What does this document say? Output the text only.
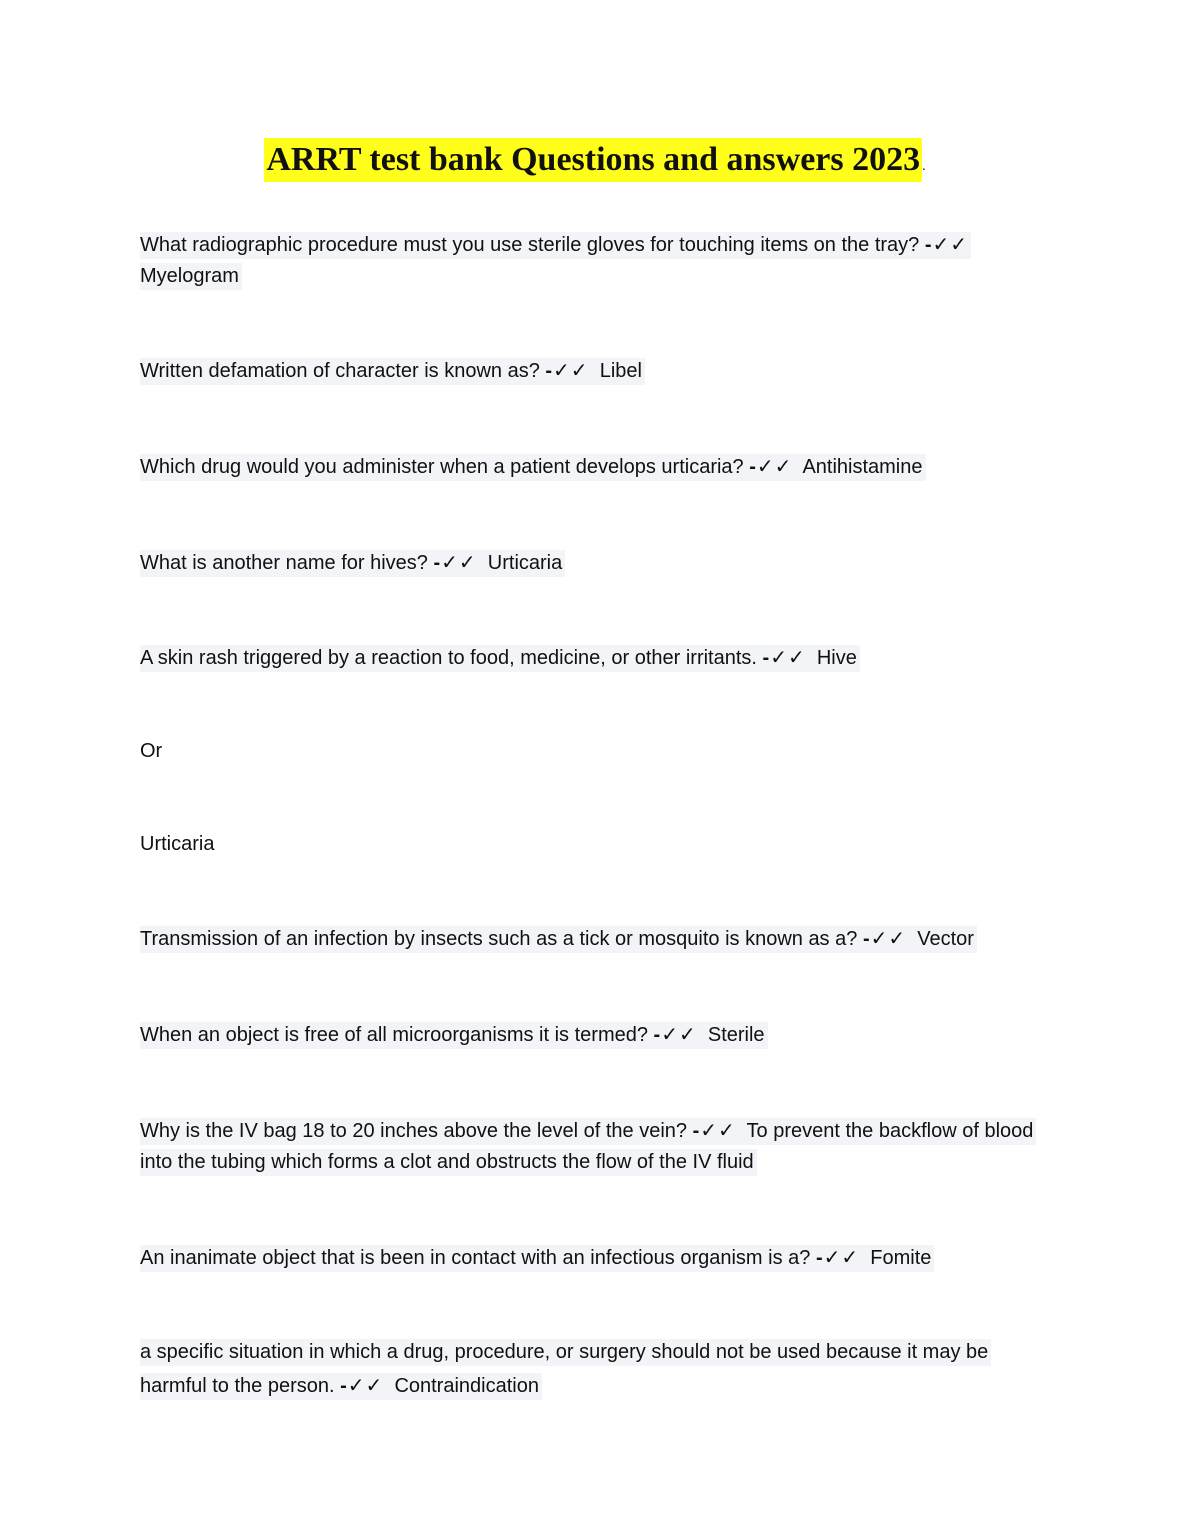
ARRT test bank Questions and answers 2023 .

What radiographic procedure must you use sterile gloves for touching items on the tray? -✓✓
Myelogram

Written defamation of character is known as? -✓✓ Libel

Which drug would you administer when a patient develops urticaria? -✓✓ Antihistamine

What is another name for hives? -✓✓ Urticaria

A skin rash triggered by a reaction to food, medicine, or other irritants. -✓✓ Hive

Or

Urticaria

Transmission of an infection by insects such as a tick or mosquito is known as a? -✓✓ Vector

When an object is free of all microorganisms it is termed? -✓✓ Sterile

Why is the IV bag 18 to 20 inches above the level of the vein? -✓✓ To prevent the backflow of blood into the tubing which forms a clot and obstructs the flow of the IV fluid

An inanimate object that is been in contact with an infectious organism is a? -✓✓ Fomite

a specific situation in which a drug, procedure, or surgery should not be used because it may be harmful to the person. -✓✓ Contraindication
